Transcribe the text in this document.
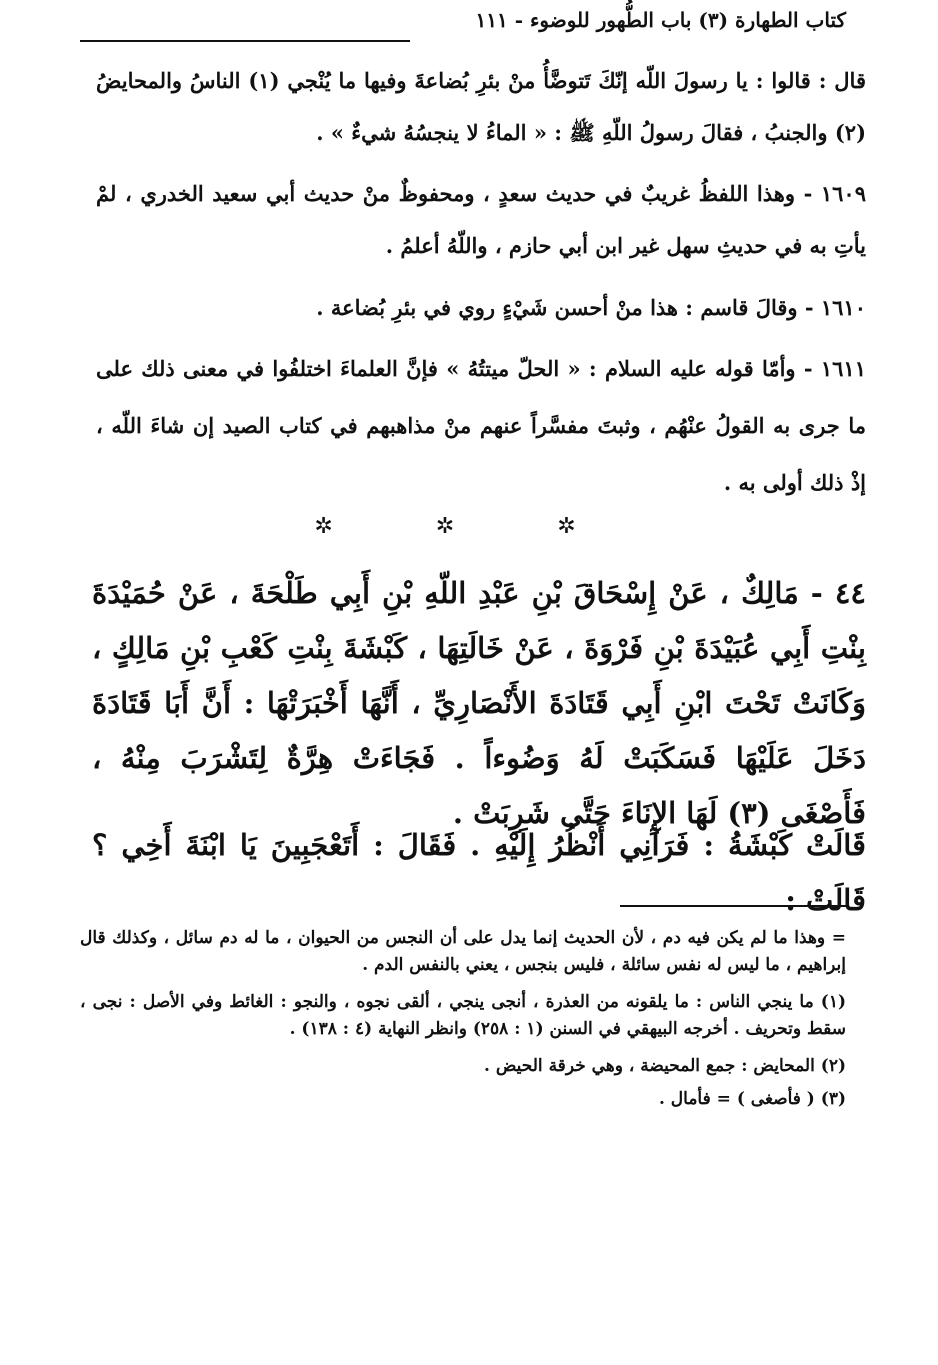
كتاب الطهارة (٣) باب الطُّهور للوضوء - ١١١

قال : قالوا : يا رسولَ اللّه إنّكَ تَتوضَّأُ منْ بئرِ بُضاعةَ وفيها ما يُنْجي (١) الناسُ والمحايضُ (٢) والجنبُ ، فقالَ رسولُ اللّهِ ﷺ : « الماءُ لا ينجسُهُ شيءٌ » .

١٦٠٩ - وهذا اللفظُ غريبٌ في حديث سعدٍ ، ومحفوظٌ منْ حديث أبي سعيد الخدري ، لمْ يأتِ به في حديثِ سهل غير ابن أبي حازم ، واللّهُ أعلمُ .

١٦١٠ - وقالَ قاسم : هذا منْ أحسن شَيْءٍ روي في بئرِ بُضاعة .

١٦١١ - وأمّا قوله عليه السلام : « الحلّ ميتتُهُ » فإنَّ العلماءَ اختلفُوا في معنى ذلك على ما جرى به القولُ عنْهُم ، وثبتَ مفسَّراً عنهم منْ مذاهبهم في كتاب الصيد إن شاءَ اللّه ، إذْ ذلك أولى به .

✲ ✲ ✲

٤٤ - مَالِكٌ ، عَنْ إِسْحَاقَ بْنِ عَبْدِ اللّهِ بْنِ أَبِي طَلْحَةَ ، عَنْ حُمَيْدَةَ بِنْتِ أَبِي عُبَيْدَةَ بْنِ فَرْوَةَ ، عَنْ خَالَتِهَا ، كَبْشَةَ بِنْتِ كَعْبِ بْنِ مَالِكٍ ، وَكَانَتْ تَحْتَ ابْنِ أَبِي قَتَادَةَ الأَنْصَارِيِّ ، أَنَّهَا أَخْبَرَتْهَا : أَنَّ أَبَا قَتَادَةَ دَخَلَ عَلَيْهَا فَسَكَبَتْ لَهُ وَضُوءاً . فَجَاءَتْ هِرَّةٌ لِتَشْرَبَ مِنْهُ ، فَأَصْغَى (٣) لَهَا الإِنَاءَ حَتَّى شَرِبَتْ .

قَالَتْ كَبْشَةُ : فَرَآنِي أَنْظُرُ إِلَيْهِ . فَقَالَ : أَتَعْجَبِينَ يَا ابْنَةَ أَخِي ؟ قَالَتْ :

= وهذا ما لم يكن فيه دم ، لأن الحديث إنما يدل على أن النجس من الحيوان ، ما له دم سائل ، وكذلك قال إبراهيم ، ما ليس له نفس سائلة ، فليس بنجس ، يعني بالنفس الدم .

(١) ما ينجي الناس : ما يلقونه من العذرة ، أنجى ينجي ، ألقى نجوه ، والنجو : الغائط وفي الأصل : نجى ، سقط وتحريف . أخرجه البيهقي في السنن (١ : ٢٥٨) وانظر النهاية (٤ : ١٣٨) .

(٢) المحايض : جمع المحيضة ، وهي خرقة الحيض .

(٣) ( فأصغى ) = فأمال .
